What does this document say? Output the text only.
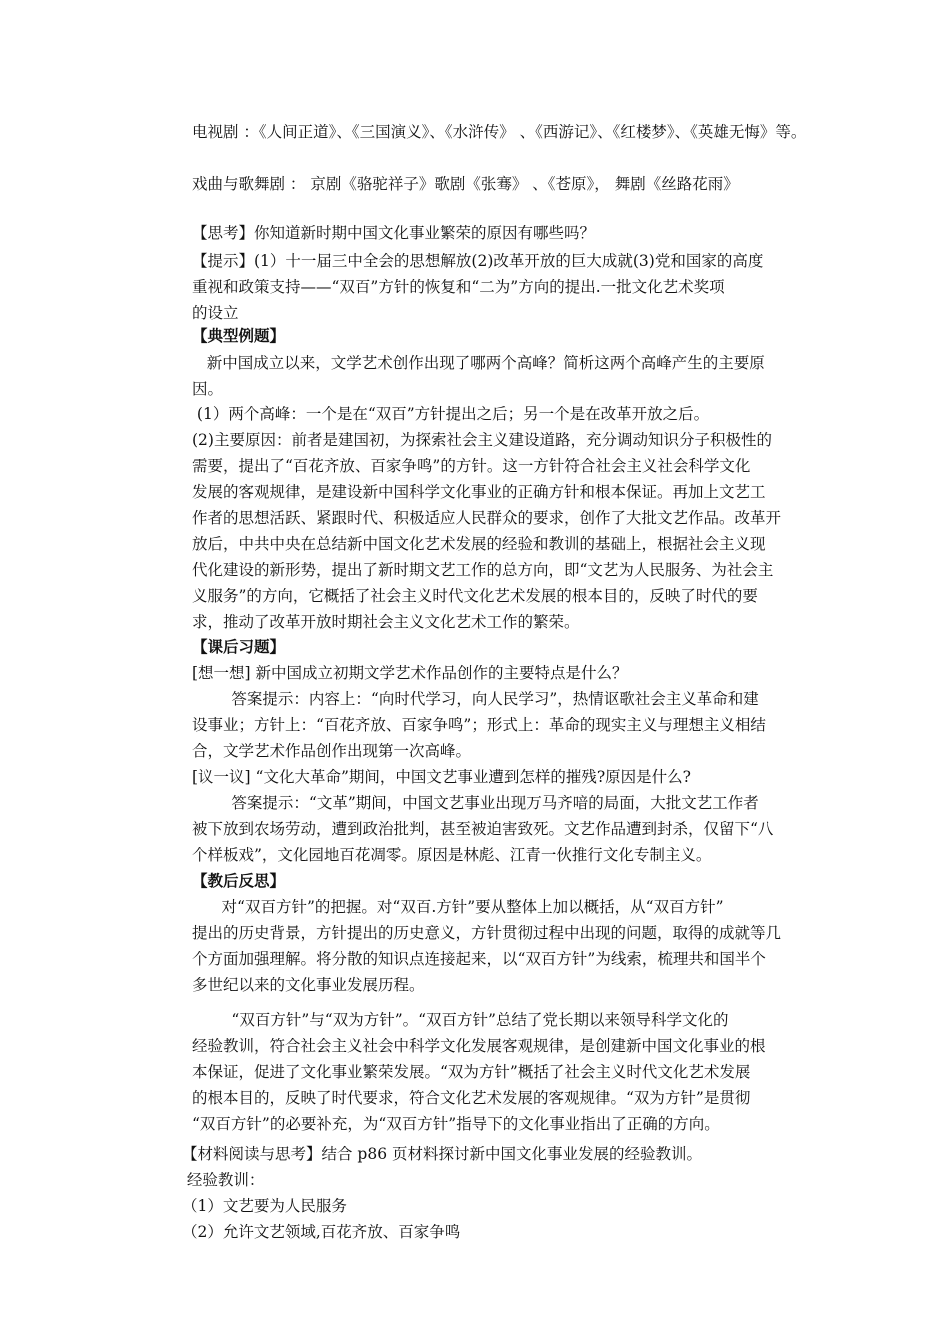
电视剧 ：《人间正道》、《三国演义》、《水浒传》 、《西游记》、《红楼梦》、《英雄无悔》等。
戏曲与歌舞剧 ： 京剧《骆驼祥子》歌剧《张骞》 、《苍原》， 舞剧《丝路花雨》
【思考】你知道新时期中国文化事业繁荣的原因有哪些吗？
【提示】(1）十一届三中全会的思想解放(2)改革开放的巨大成就(3)党和国家的高度
重视和政策支持——“双百”方针的恢复和“二为”方向的提出.一批文化艺术奖项
的设立
【典型例题】
新中国成立以来，文学艺术创作出现了哪两个高峰？简析这两个高峰产生的主要原
因。
(1）两个高峰：一个是在“双百”方针提出之后；另一个是在改革开放之后。
(2)主要原因：前者是建国初，为探索社会主义建设道路，充分调动知识分子积极性的
需要，提出了“百花齐放、百家争鸣”的方针。这一方针符合社会主义社会科学文化
发展的客观规律，是建设新中国科学文化事业的正确方针和根本保证。再加上文艺工
作者的思想活跃、紧跟时代、积极适应人民群众的要求，创作了大批文艺作品。改革开
放后，中共中央在总结新中国文化艺术发展的经验和教训的基础上，根据社会主义现
代化建设的新形势，提出了新时期文艺工作的总方向，即“文艺为人民服务、为社会主
义服务”的方向，它概括了社会主义时代文化艺术发展的根本目的，反映了时代的要
求，推动了改革开放时期社会主义文化艺术工作的繁荣。
【课后习题】
[想一想] 新中国成立初期文学艺术作品创作的主要特点是什么？
答案提示：内容上：“向时代学习，向人民学习”，热情讴歌社会主义革命和建
设事业；方针上：“百花齐放、百家争鸣”；形式上：革命的现实主义与理想主义相结
合，文学艺术作品创作出现第一次高峰。
[议一议] “文化大革命”期间，中国文艺事业遭到怎样的摧残?原因是什么?
答案提示：“文革”期间，中国文艺事业出现万马齐喑的局面，大批文艺工作者
被下放到农场劳动，遭到政治批判，甚至被迫害致死。文艺作品遭到封杀，仅留下“八
个样板戏”，文化园地百花凋零。原因是林彪、江青一伙推行文化专制主义。
【教后反思】
对“双百方针”的把握。对“双百.方针”要从整体上加以概括，从“双百方针”
提出的历史背景，方针提出的历史意义，方针贯彻过程中出现的问题，取得的成就等几
个方面加强理解。将分散的知识点连接起来，以“双百方针”为线索，梳理共和国半个
多世纪以来的文化事业发展历程。
“双百方针”与“双为方针”。“双百方针”总结了党长期以来领导科学文化的
经验教训，符合社会主义社会中科学文化发展客观规律，是创建新中国文化事业的根
本保证，促进了文化事业繁荣发展。“双为方针”概括了社会主义时代文化艺术发展
的根本目的，反映了时代要求，符合文化艺术发展的客观规律。“双为方针”是贯彻
“双百方针”的必要补充，为“双百方针”指导下的文化事业指出了正确的方向。
【材料阅读与思考】结合 p86 页材料探讨新中国文化事业发展的经验教训。
经验教训：
（1）文艺要为人民服务
（2）允许文艺领域,百花齐放、百家争鸣
